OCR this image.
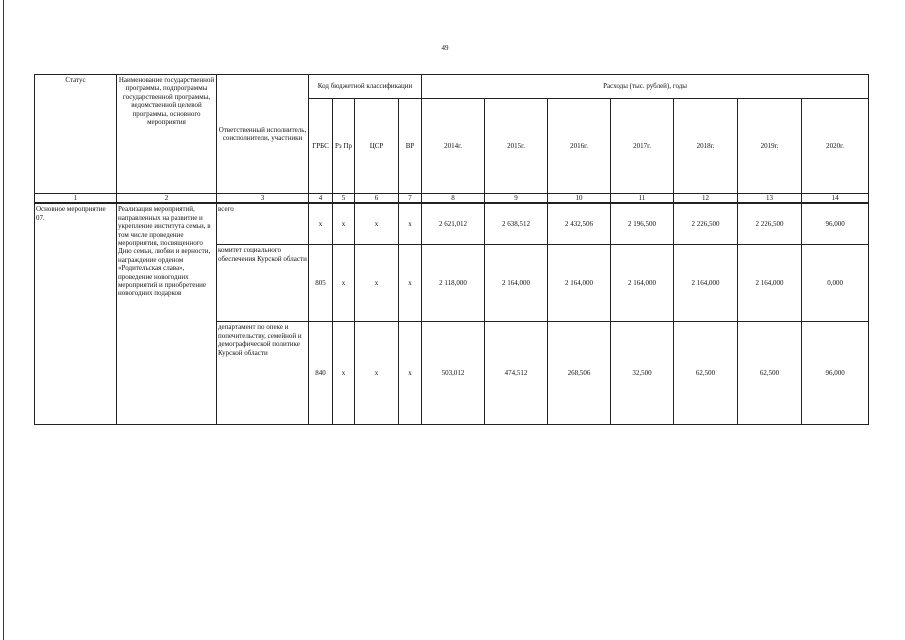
49
Статус	Наименование государственной программы, подпрограммы государственной программы, ведомственной целевой программы, основного мероприятия	Ответственный исполнитель, соисполнители, участники	Код бюджетной классификации				Расходы (тыс. рублей), годы						
			ГРБС	Рз Пр	ЦСР	ВР	2014г.	2015г.	2016г.	2017г.	2018г.	2019г.	2020г.
1	2	3	4	5	6	7	8	9	10	11	12	13	14
Основное мероприятие 07.	Реализация мероприятий, направленных на развитие и укрепление института семьи, в том числе проведение мероприятия, посвященного Дню семьи, любви и верности, награждение орденом «Родительская слава», проведение новогодних мероприятий и приобретение новогодних подарков	всего	х	х	х	х	2 621,012	2 638,512	2 432,506	2 196,500	2 226,500	2 226,500	96,000
		комитет социального обеспечения Курской области	805	х	х	х	2 118,000	2 164,000	2 164,000	2 164,000	2 164,000	2 164,000	0,000
		департамент по опеке и попечительству, семейной и демографической политике Курской области	840	х	х	х	503,012	474,512	268,506	32,500	62,500	62,500	96,000
